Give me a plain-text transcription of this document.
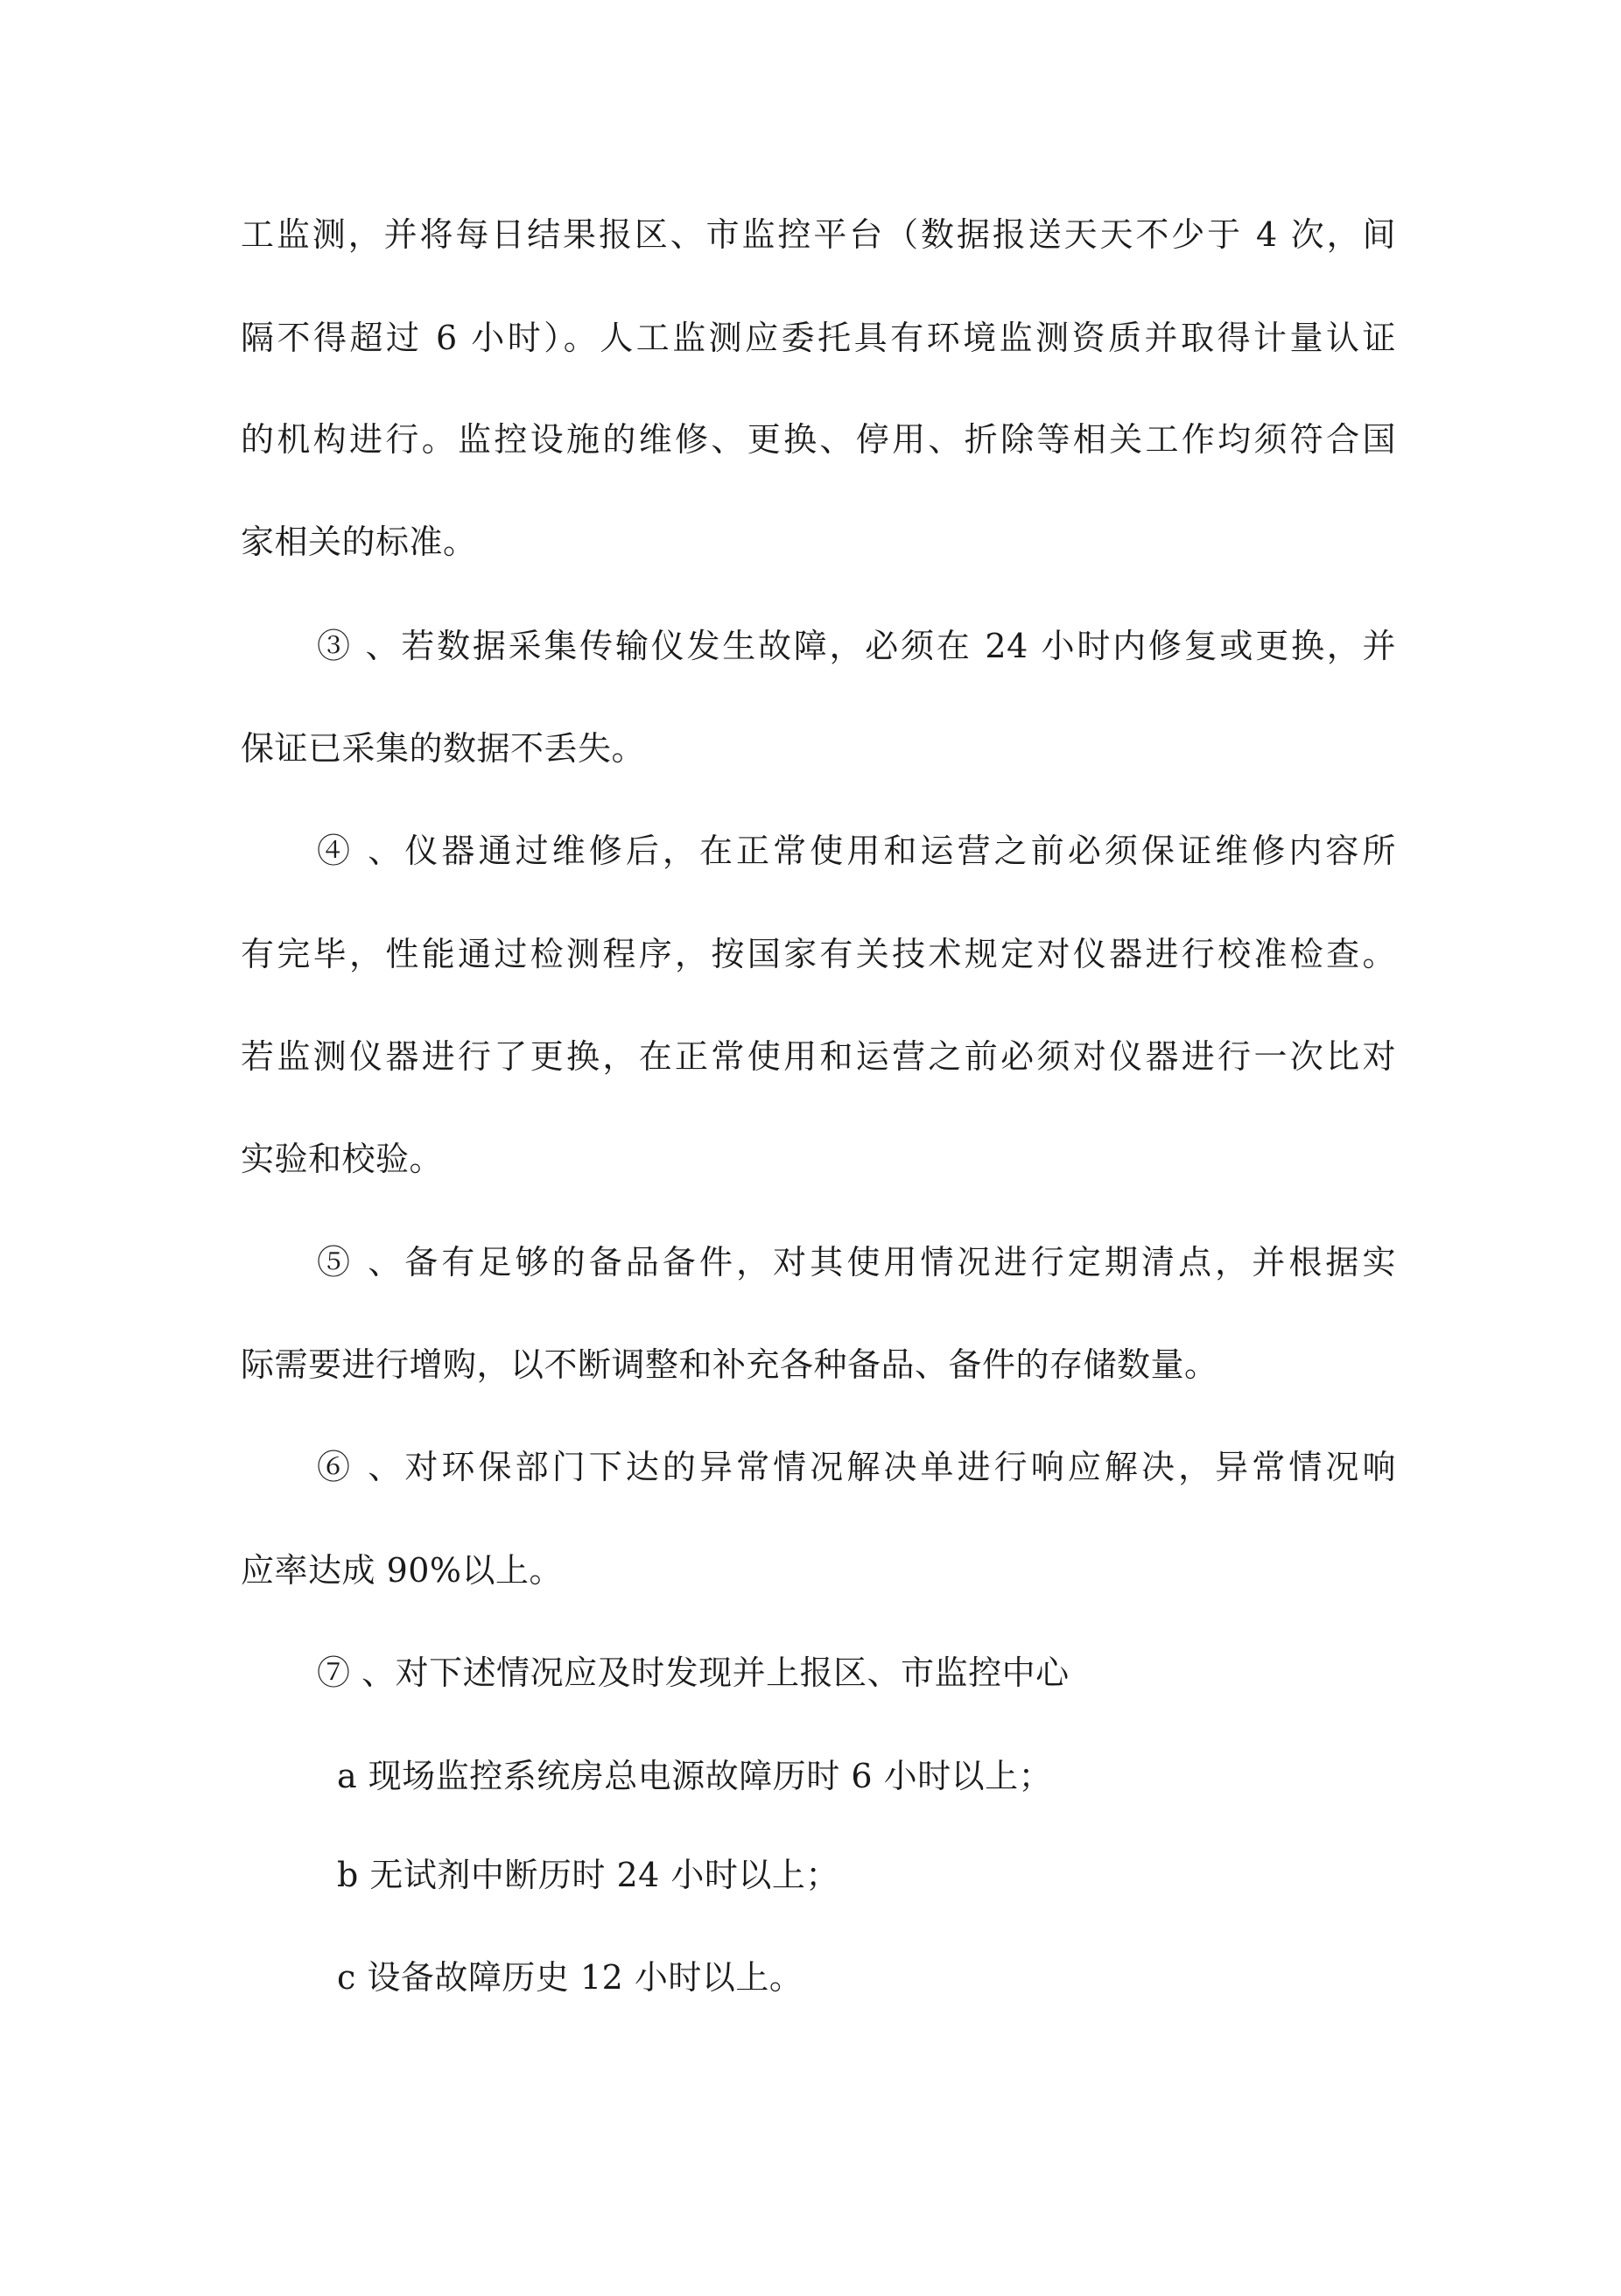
工监测，并将每日结果报区、市监控平台（数据报送天天不少于 4 次，间
隔不得超过 6 小时）。人工监测应委托具有环境监测资质并取得计量认证
的机构进行。监控设施的维修、更换、停用、折除等相关工作均须符合国
家相关的标准。
③ 、若数据采集传输仪发生故障，必须在 24 小时内修复或更换，并
保证已采集的数据不丢失。
④ 、仪器通过维修后，在正常使用和运营之前必须保证维修内容所
有完毕，性能通过检测程序，按国家有关技术规定对仪器进行校准检查。
若监测仪器进行了更换，在正常使用和运营之前必须对仪器进行一次比对
实验和校验。
⑤ 、备有足够的备品备件，对其使用情况进行定期清点，并根据实
际需要进行增购，以不断调整和补充各种备品、备件的存储数量。
⑥ 、对环保部门下达的异常情况解决单进行响应解决，异常情况响
应率达成 90%以上。
⑦ 、对下述情况应及时发现并上报区、市监控中心
a 现场监控系统房总电源故障历时 6 小时以上；
b 无试剂中断历时 24 小时以上；
c 设备故障历史 12 小时以上。
